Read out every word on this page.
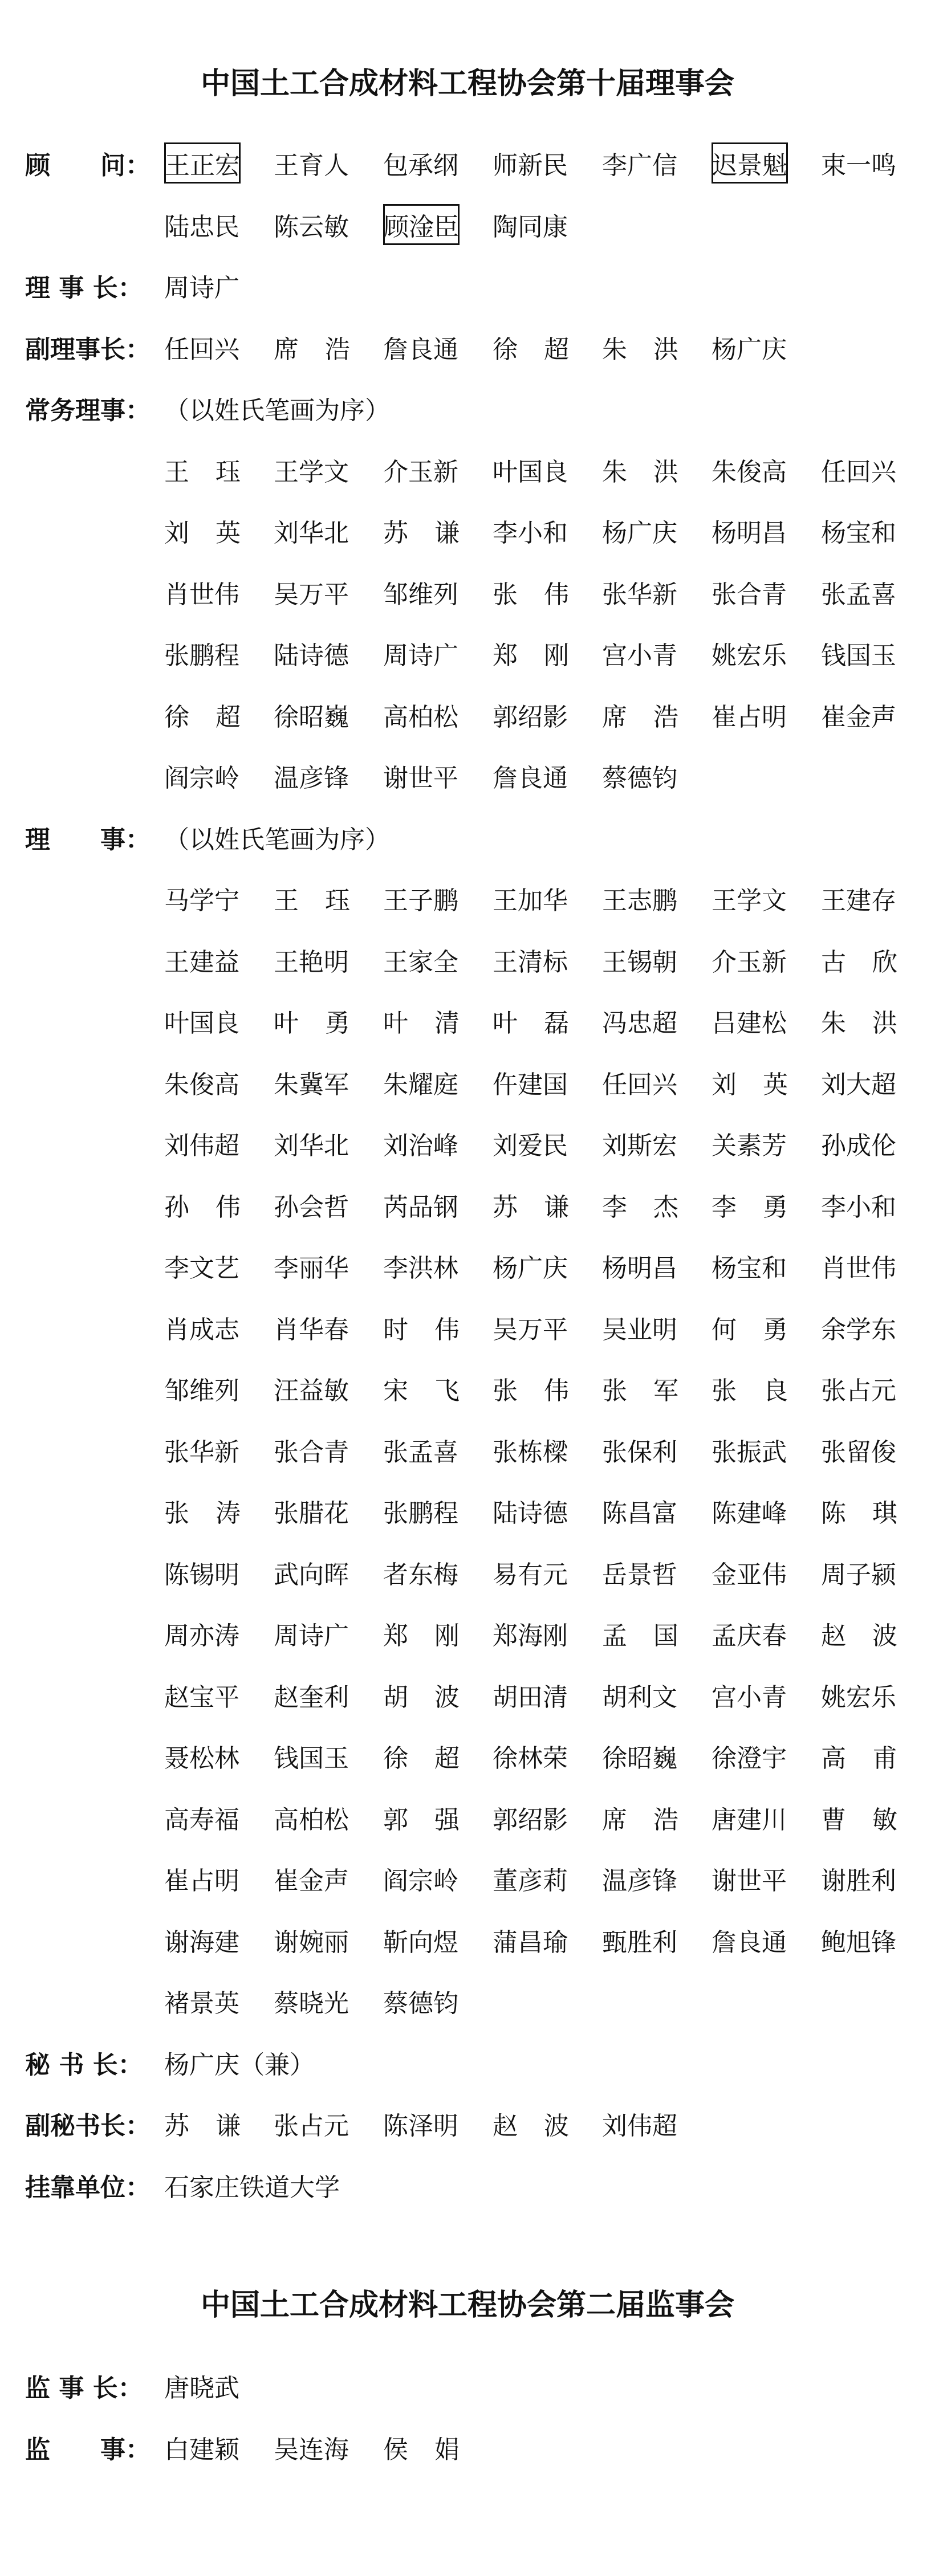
中国土工合成材料工程协会第十届理事会
顾　　问： 王正宏 王育人 包承纲 师新民 李广信 迟景魁 束一鸣
陆忠民 陈云敏 顾淦臣 陶同康
理 事 长： 周诗广
副理事长： 任回兴 席 浩 詹良通 徐 超 朱 洪 杨广庆
常务理事： （以姓氏笔画为序）
王 珏 王学文 介玉新 叶国良 朱 洪 朱俊高 任回兴
刘 英 刘华北 苏 谦 李小和 杨广庆 杨明昌 杨宝和
肖世伟 吴万平 邹维列 张 伟 张华新 张合青 张孟喜
张鹏程 陆诗德 周诗广 郑 刚 宫小青 姚宏乐 钱国玉
徐 超 徐昭巍 高柏松 郭绍影 席 浩 崔占明 崔金声
阎宗岭 温彦锋 谢世平 詹良通 蔡德钧
理　　事： （以姓氏笔画为序）
马学宁 王 珏 王子鹏 王加华 王志鹏 王学文 王建存
王建益 王艳明 王家全 王清标 王锡朝 介玉新 古 欣
叶国良 叶 勇 叶 清 叶 磊 冯忠超 吕建松 朱 洪
朱俊高 朱冀军 朱耀庭 仵建国 任回兴 刘 英 刘大超
刘伟超 刘华北 刘治峰 刘爱民 刘斯宏 关素芳 孙成伦
孙 伟 孙会哲 芮品钢 苏 谦 李 杰 李 勇 李小和
李文艺 李丽华 李洪林 杨广庆 杨明昌 杨宝和 肖世伟
肖成志 肖华春 时 伟 吴万平 吴业明 何 勇 余学东
邹维列 汪益敏 宋 飞 张 伟 张 军 张 良 张占元
张华新 张合青 张孟喜 张栋樑 张保利 张振武 张留俊
张 涛 张腊花 张鹏程 陆诗德 陈昌富 陈建峰 陈 琪
陈锡明 武向晖 者东梅 易有元 岳景哲 金亚伟 周子颍
周亦涛 周诗广 郑 刚 郑海刚 孟 国 孟庆春 赵 波
赵宝平 赵奎利 胡 波 胡田清 胡利文 宫小青 姚宏乐
聂松林 钱国玉 徐 超 徐林荣 徐昭巍 徐澄宇 高 甫
高寿福 高柏松 郭 强 郭绍影 席 浩 唐建川 曹 敏
崔占明 崔金声 阎宗岭 董彦莉 温彦锋 谢世平 谢胜利
谢海建 谢婉丽 靳向煜 蒲昌瑜 甄胜利 詹良通 鲍旭锋
褚景英 蔡晓光 蔡德钧
秘 书 长： 杨广庆（兼）
副秘书长： 苏 谦 张占元 陈泽明 赵 波 刘伟超
挂靠单位： 石家庄铁道大学
中国土工合成材料工程协会第二届监事会
监 事 长： 唐晓武
监　　事： 白建颖 吴连海 侯 娟
